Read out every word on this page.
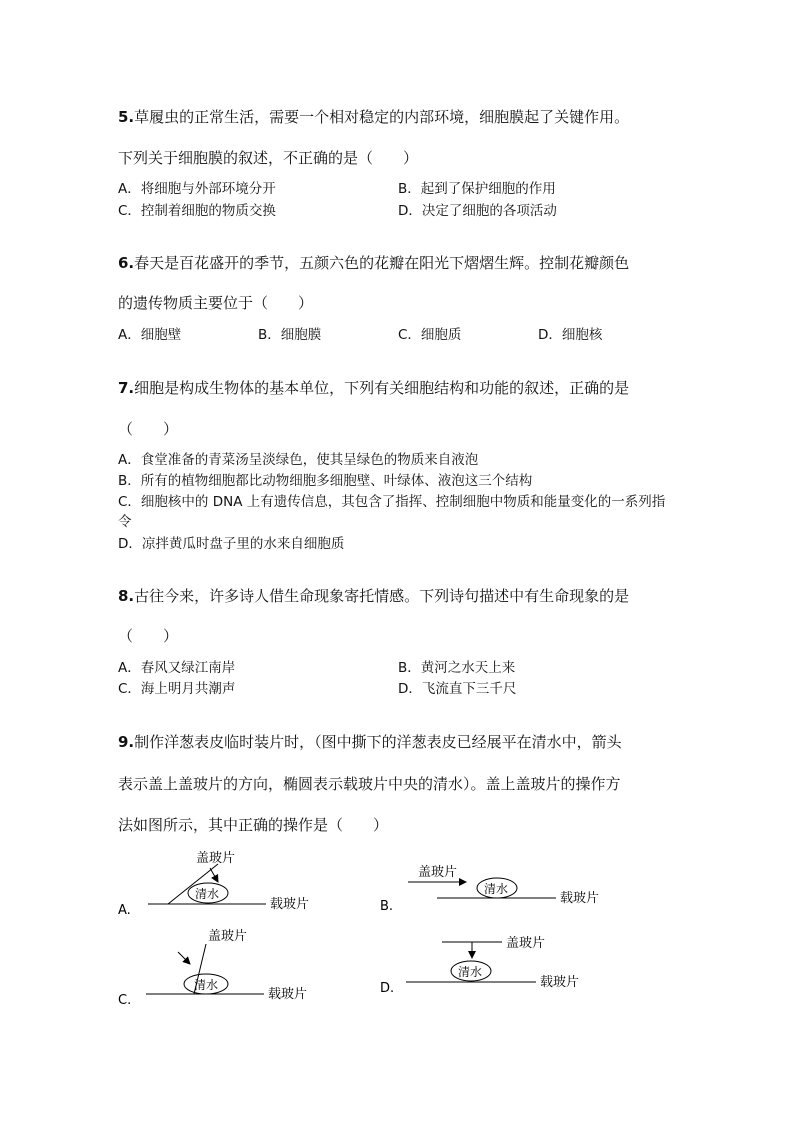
5.草履虫的正常生活，需要一个相对稳定的内部环境，细胞膜起了关键作用。
下列关于细胞膜的叙述，不正确的是（　　）
A．将细胞与外部环境分开	B．起到了保护细胞的作用
C．控制着细胞的物质交换	D．决定了细胞的各项活动
6.春天是百花盛开的季节，五颜六色的花瓣在阳光下熠熠生辉。控制花瓣颜色
的遗传物质主要位于（　　）
A．细胞壁	B．细胞膜	C．细胞质	D．细胞核
7.细胞是构成生物体的基本单位，下列有关细胞结构和功能的叙述，正确的是
（　　）
A．食堂准备的青菜汤呈淡绿色，使其呈绿色的物质来自液泡
B．所有的植物细胞都比动物细胞多细胞壁、叶绿体、液泡这三个结构
C．细胞核中的 DNA 上有遗传信息，其包含了指挥、控制细胞中物质和能量变化的一系列指令
D．凉拌黄瓜时盘子里的水来自细胞质
8.古往今来，许多诗人借生命现象寄托情感。下列诗句描述中有生命现象的是
（　　）
A．春风又绿江南岸	B．黄河之水天上来
C．海上明月共潮声	D．飞流直下三千尺
9.制作洋葱表皮临时装片时，（图中撕下的洋葱表皮已经展平在清水中，箭头
表示盖上盖玻片的方向，椭圆表示载玻片中央的清水）。盖上盖玻片的操作方
法如图所示，其中正确的操作是（　　）
盖玻片
清水
载玻片
A.
盖玻片
清水
载玻片
B.
盖玻片
清水
载玻片
C.
盖玻片
清水
载玻片
D.
